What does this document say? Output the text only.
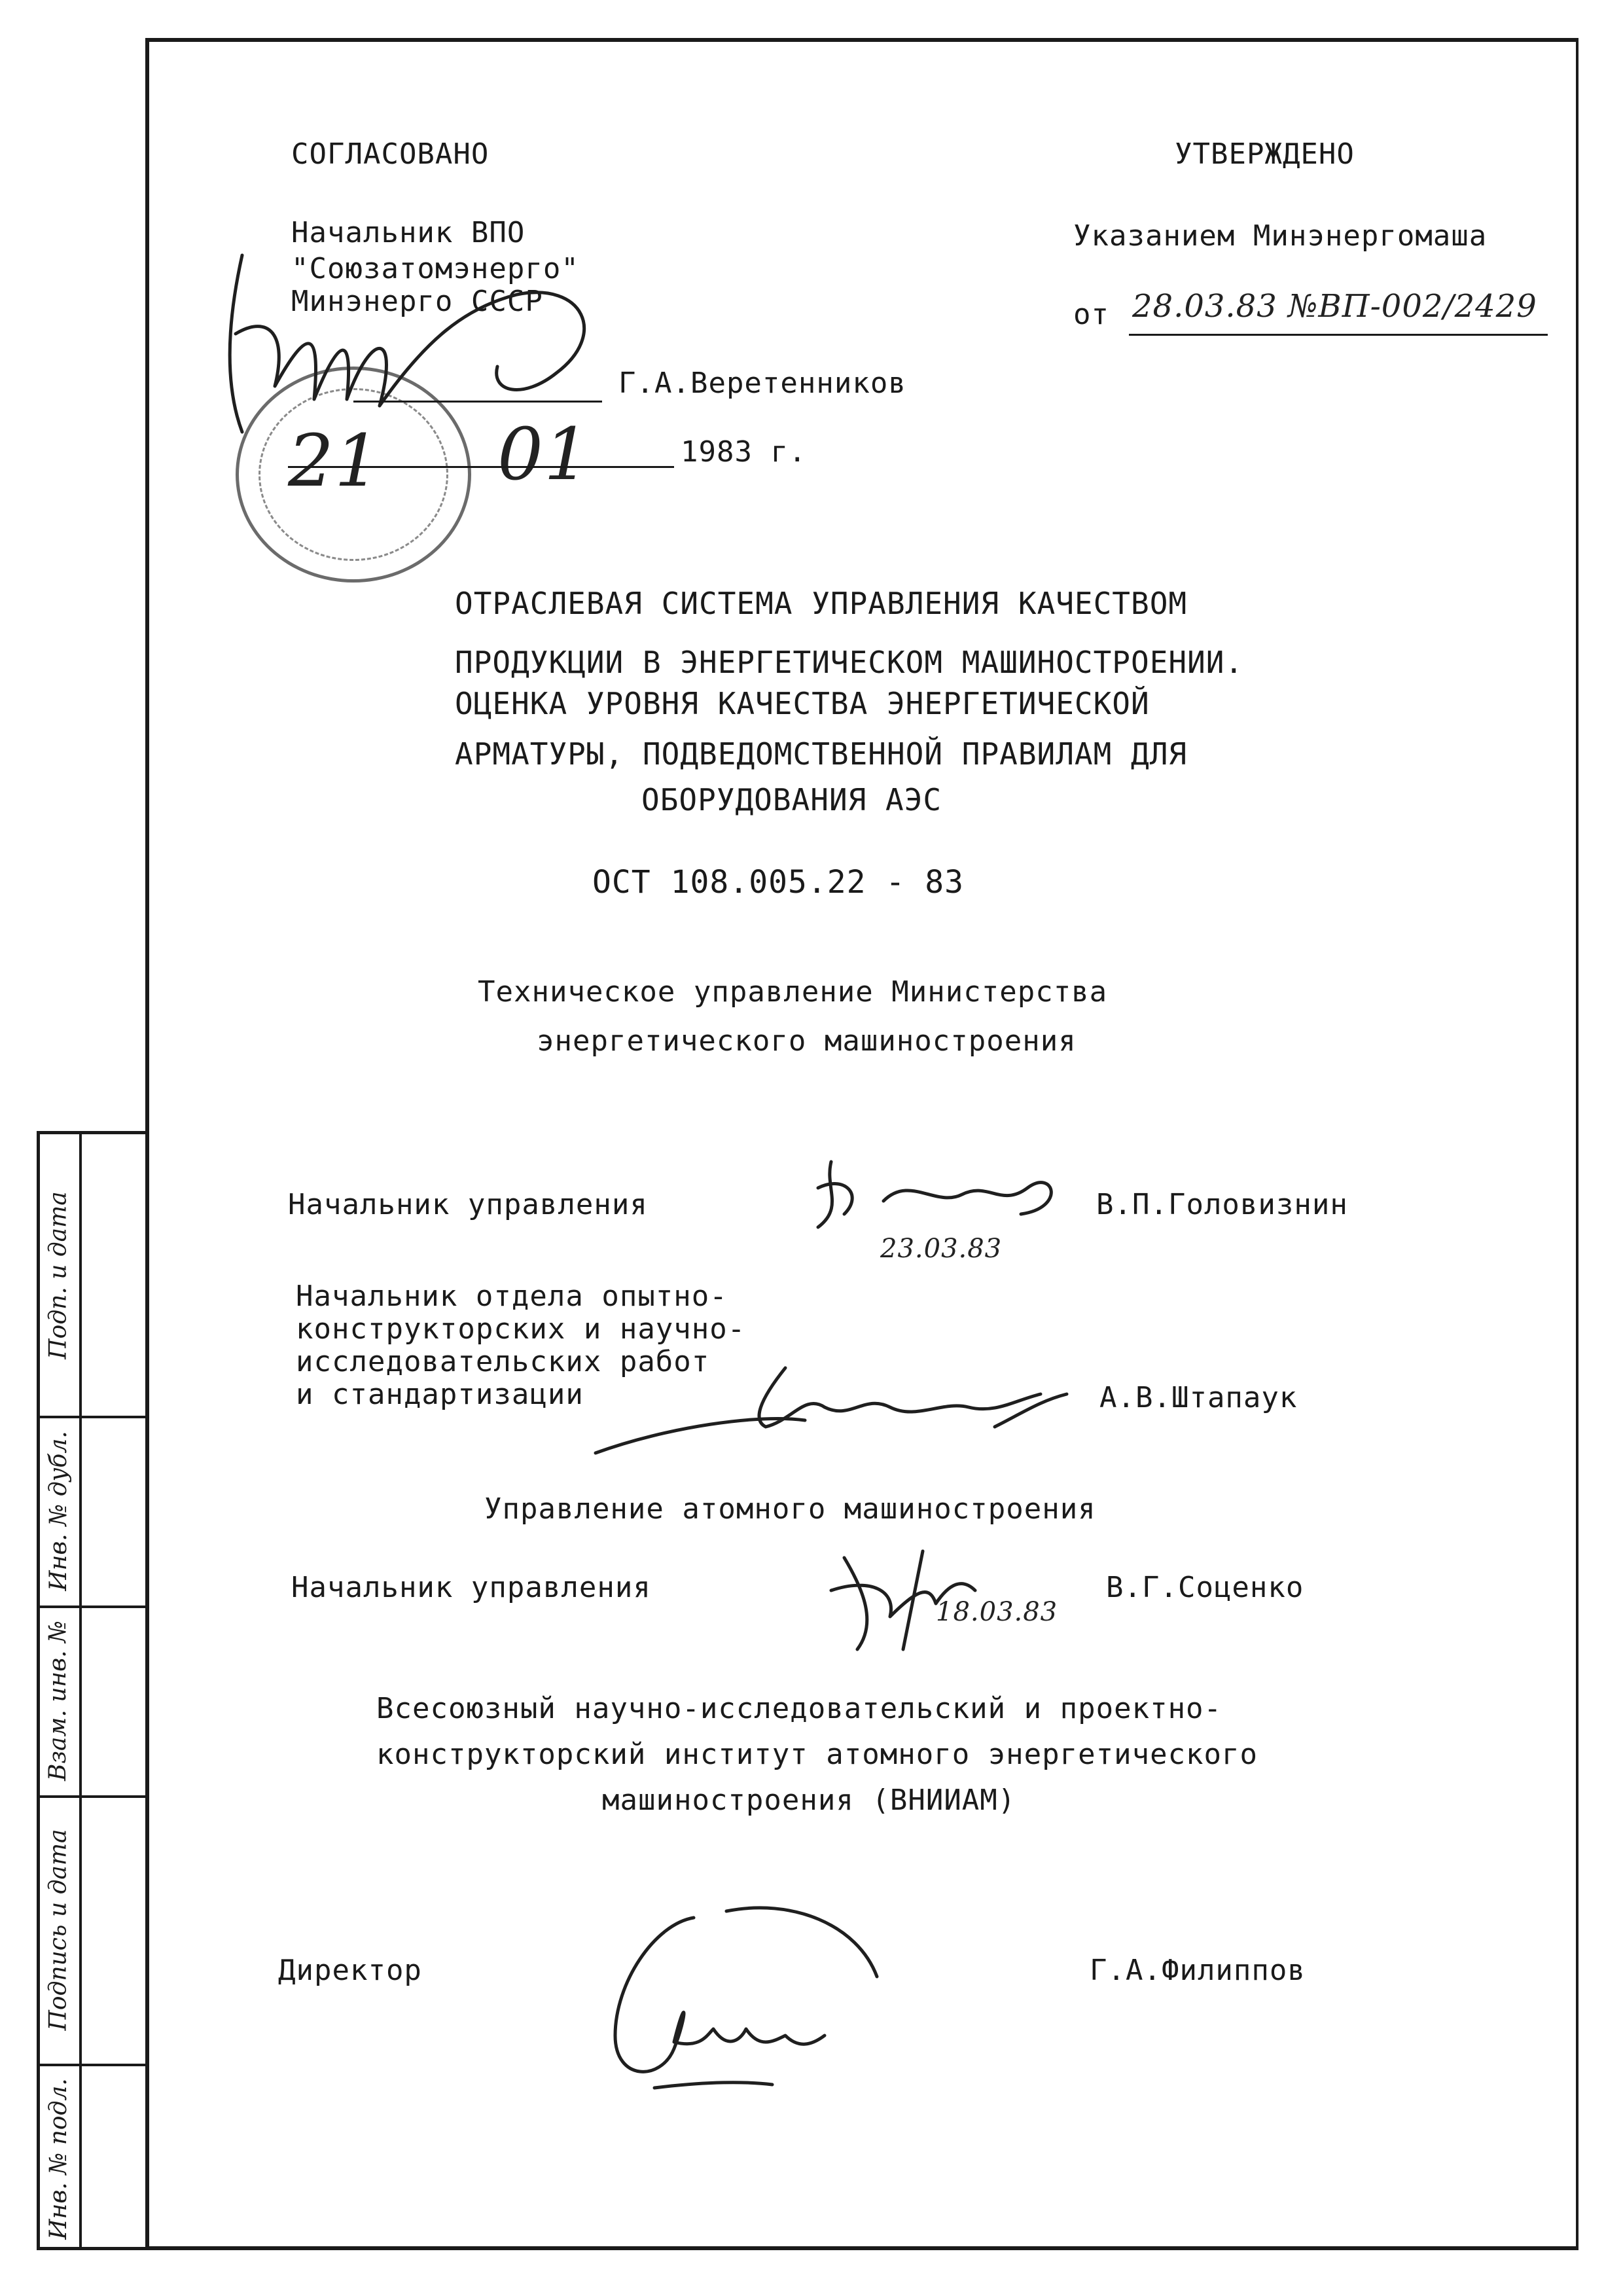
Подп. и дата
Инв. № дубл.
Взам. инв. №
Подпись и дата
Инв. № подл.
СОГЛАСОВАНО
Начальник ВПО
"Союзатомэнерго"
Минэнерго СССР
Г.А.Веретенников
21 01	1983 г.
УТВЕРЖДЕНО
Указанием Минэнергомаша
от 28.03.83 №ВП-002/2429
ОТРАСЛЕВАЯ СИСТЕМА УПРАВЛЕНИЯ КАЧЕСТВОМ
ПРОДУКЦИИ В ЭНЕРГЕТИЧЕСКОМ МАШИНОСТРОЕНИИ.
ОЦЕНКА УРОВНЯ КАЧЕСТВА ЭНЕРГЕТИЧЕСКОЙ
АРМАТУРЫ, ПОДВЕДОМСТВЕННОЙ ПРАВИЛАМ ДЛЯ
ОБОРУДОВАНИЯ АЭС
ОСТ 108.005.22 - 83
Техническое управление Министерства
энергетического машиностроения
Начальник управления
23.03.83
В.П.Головизнин
Начальник отдела опытно-
конструкторских и научно-
исследовательских работ
и стандартизации	А.В.Штапаук
Управление атомного машиностроения
Начальник управления
18.03.83
В.Г.Соценко
Всесоюзный научно-исследовательский и проектно-
конструкторский институт атомного энергетического
машиностроения (ВНИИАМ)
Директор	Г.А.Филиппов
